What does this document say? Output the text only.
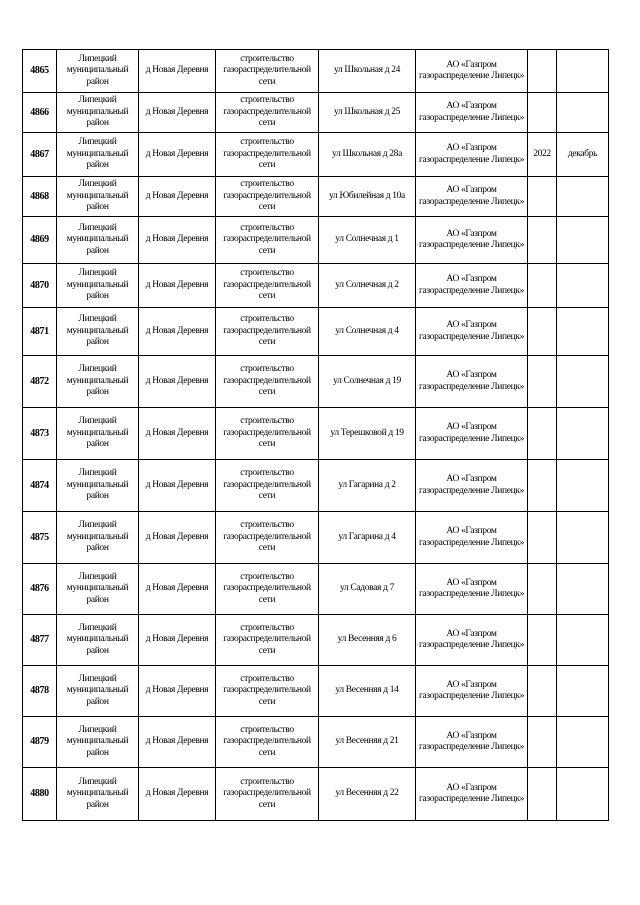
4865	Липецкий муниципальный район	д Новая Деревня	строительство газораспределительной сети	ул Школьная д 24	АО «Газпром газораспределение Липецк»		
4866	Липецкий муниципальный район	д Новая Деревня	строительство газораспределительной сети	ул Школьная д 25	АО «Газпром газораспределение Липецк»		
4867	Липецкий муниципальный район	д Новая Деревня	строительство газораспределительной сети	ул Школьная д 28а	АО «Газпром газораспределение Липецк»	2022	декабрь
4868	Липецкий муниципальный район	д Новая Деревня	строительство газораспределительной сети	ул Юбилейная д 10а	АО «Газпром газораспределение Липецк»		
4869	Липецкий муниципальный район	д Новая Деревня	строительство газораспределительной сети	ул Солнечная д 1	АО «Газпром газораспределение Липецк»		
4870	Липецкий муниципальный район	д Новая Деревня	строительство газораспределительной сети	ул Солнечная д 2	АО «Газпром газораспределение Липецк»		
4871	Липецкий муниципальный район	д Новая Деревня	строительство газораспределительной сети	ул Солнечная д 4	АО «Газпром газораспределение Липецк»		
4872	Липецкий муниципальный район	д Новая Деревня	строительство газораспределительной сети	ул Солнечная д 19	АО «Газпром газораспределение Липецк»		
4873	Липецкий муниципальный район	д Новая Деревня	строительство газораспределительной сети	ул Терешковой д 19	АО «Газпром газораспределение Липецк»		
4874	Липецкий муниципальный район	д Новая Деревня	строительство газораспределительной сети	ул Гагарина д 2	АО «Газпром газораспределение Липецк»		
4875	Липецкий муниципальный район	д Новая Деревня	строительство газораспределительной сети	ул Гагарина д 4	АО «Газпром газораспределение Липецк»		
4876	Липецкий муниципальный район	д Новая Деревня	строительство газораспределительной сети	ул Садовая д 7	АО «Газпром газораспределение Липецк»		
4877	Липецкий муниципальный район	д Новая Деревня	строительство газораспределительной сети	ул Весенняя д 6	АО «Газпром газораспределение Липецк»		
4878	Липецкий муниципальный район	д Новая Деревня	строительство газораспределительной сети	ул Весенняя д 14	АО «Газпром газораспределение Липецк»		
4879	Липецкий муниципальный район	д Новая Деревня	строительство газораспределительной сети	ул Весенняя д 21	АО «Газпром газораспределение Липецк»		
4880	Липецкий муниципальный район	д Новая Деревня	строительство газораспределительной сети	ул Весенняя д 22	АО «Газпром газораспределение Липецк»		
